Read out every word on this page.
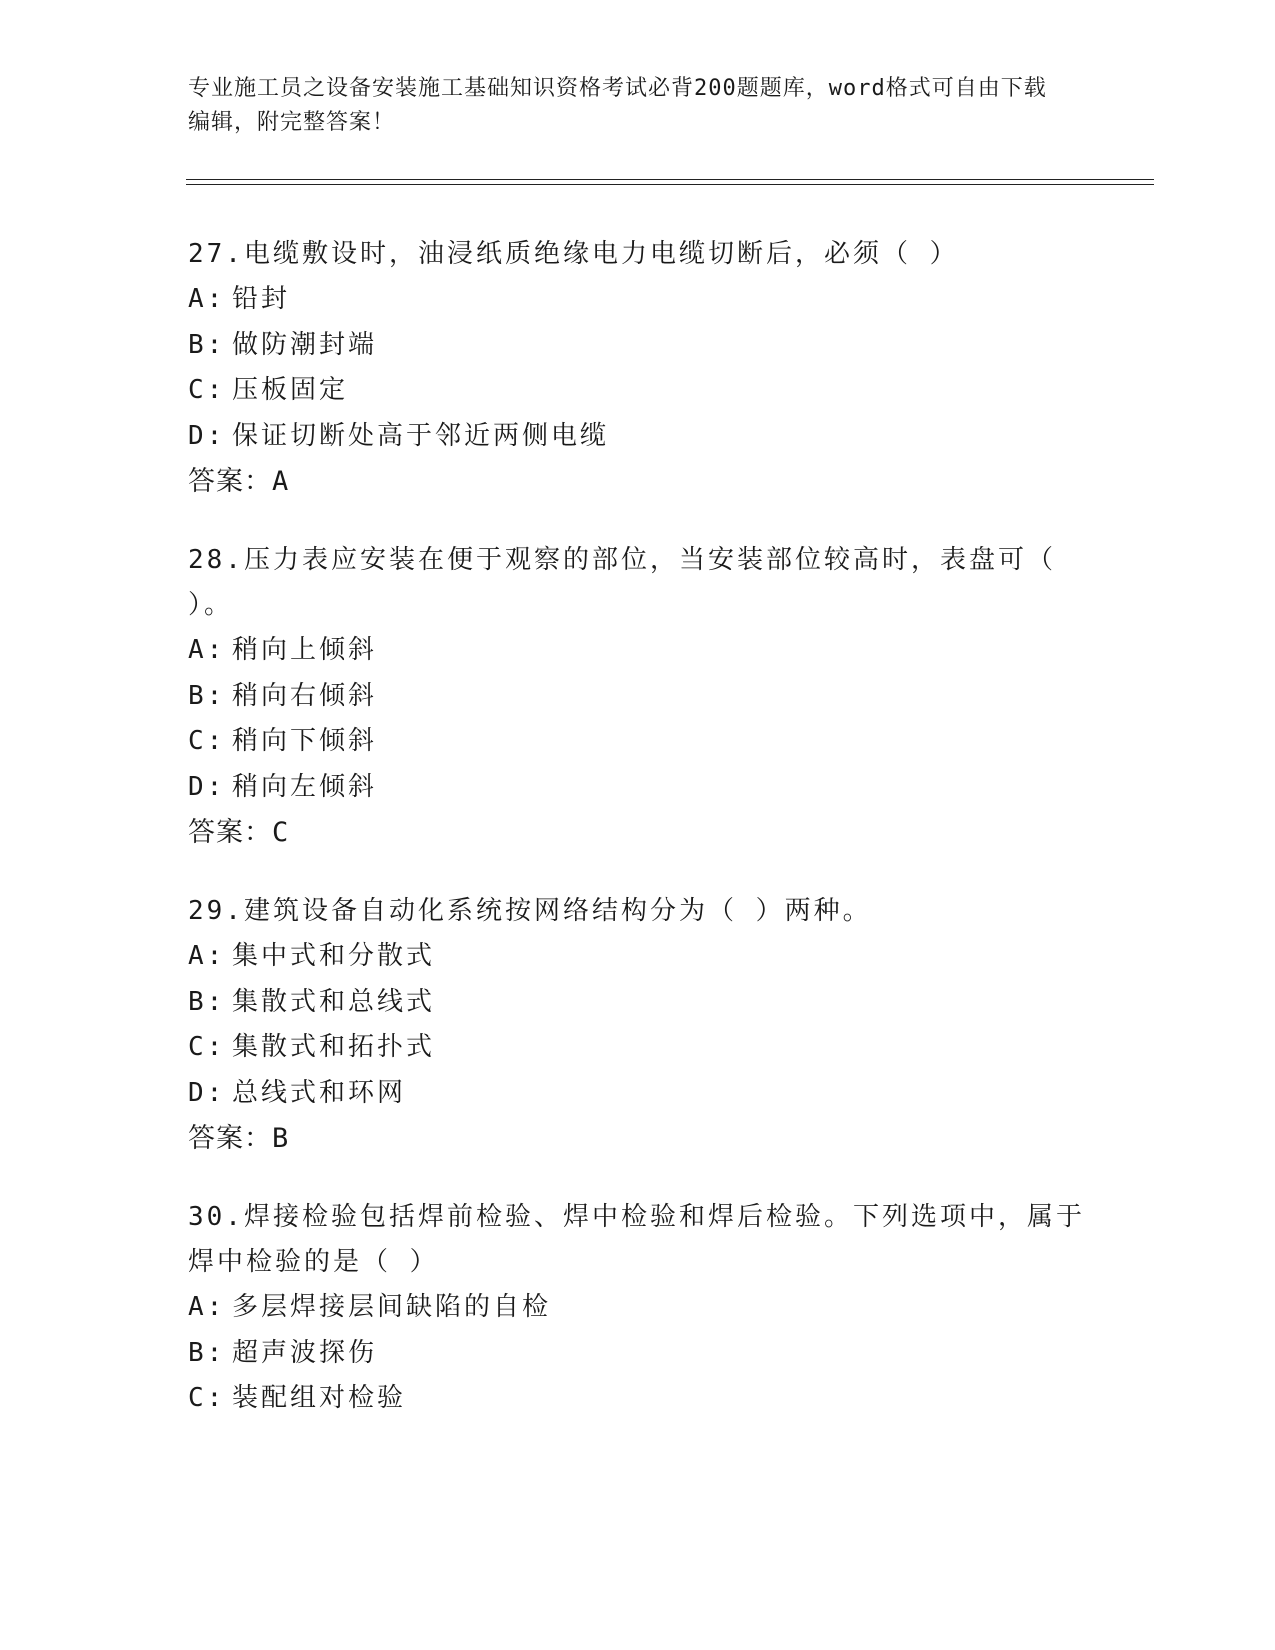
专业施工员之设备安装施工基础知识资格考试必背200题题库，word格式可自由下载编辑，附完整答案！
27.电缆敷设时，油浸纸质绝缘电力电缆切断后，必须（ ）
A: 铅封
B: 做防潮封端
C: 压板固定
D: 保证切断处高于邻近两侧电缆
答案：A
28.压力表应安装在便于观察的部位，当安装部位较高时，表盘可（ ）。
A: 稍向上倾斜
B: 稍向右倾斜
C: 稍向下倾斜
D: 稍向左倾斜
答案：C
29.建筑设备自动化系统按网络结构分为（ ）两种。
A: 集中式和分散式
B: 集散式和总线式
C: 集散式和拓扑式
D: 总线式和环网
答案：B
30.焊接检验包括焊前检验、焊中检验和焊后检验。下列选项中，属于焊中检验的是（ ）
A: 多层焊接层间缺陷的自检
B: 超声波探伤
C: 装配组对检验
